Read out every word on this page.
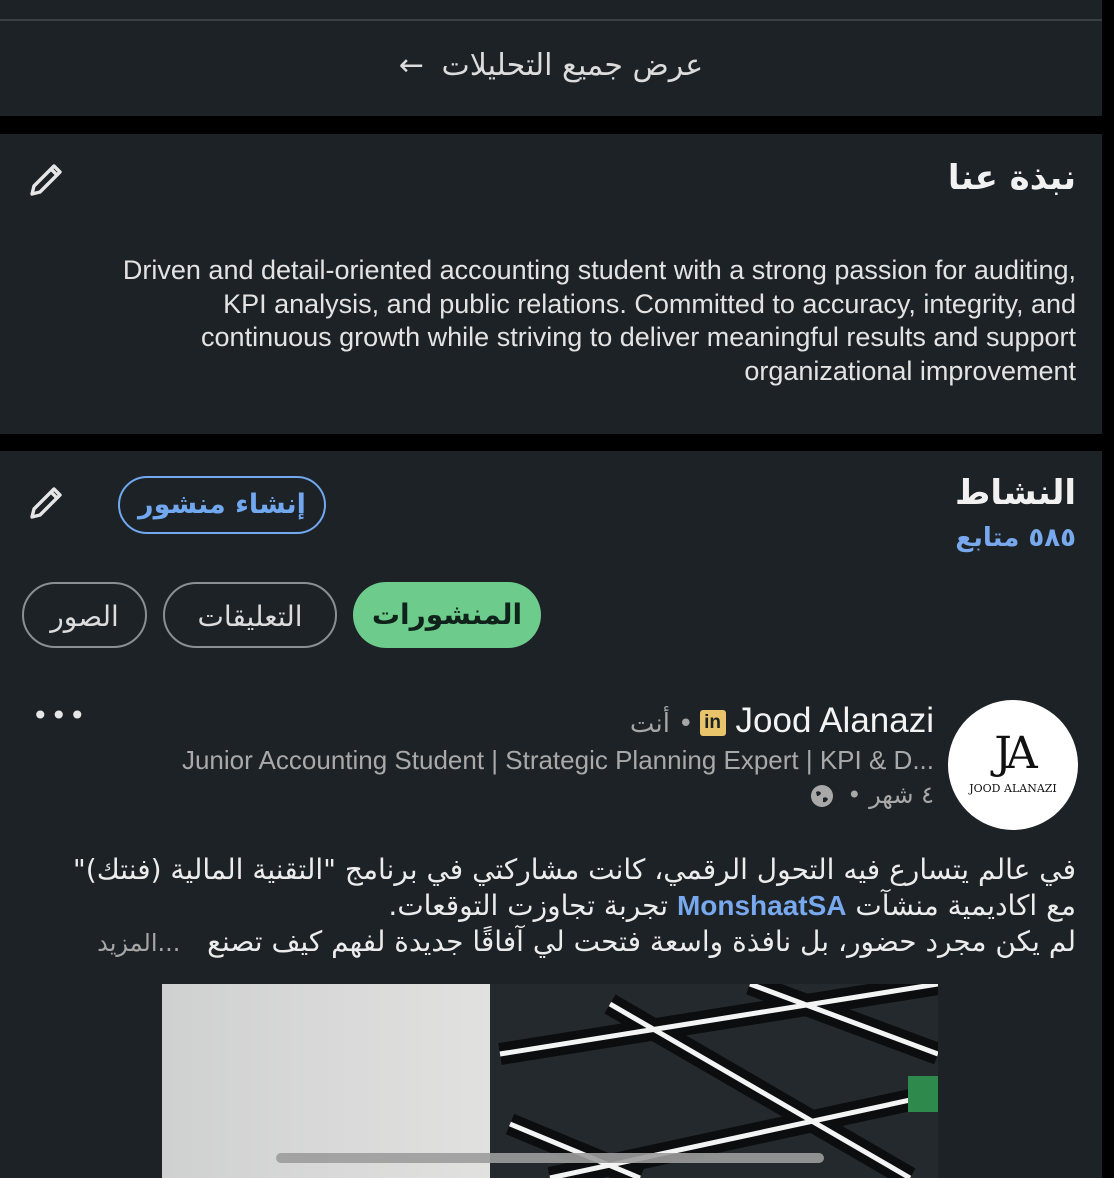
عرض جميع التحليلات ←
نبذة عنا
Driven and detail-oriented accounting student with a strong passion for auditing,
KPI analysis, and public relations. Committed to accuracy, integrity, and
continuous growth while striving to deliver meaningful results and support
organizational improvement
النشاط
٥٨٥ متابع
إنشاء منشور
المنشورات
التعليقات
الصور
JA
JOOD ALANAZI
Jood Alanaziin• أنت
Junior Accounting Student | Strategic Planning Expert | KPI & D...
٤ شهر •
•••
في عالم يتسارع فيه التحول الرقمي، كانت مشاركتي في برنامج "التقنية المالية (فنتك)"
مع اكاديمية منشآت MonshaatSA تجربة تجاوزت التوقعات.
لم يكن مجرد حضور، بل نافذة واسعة فتحت لي آفاقًا جديدة لفهم كيف تصنع   ...المزيد
